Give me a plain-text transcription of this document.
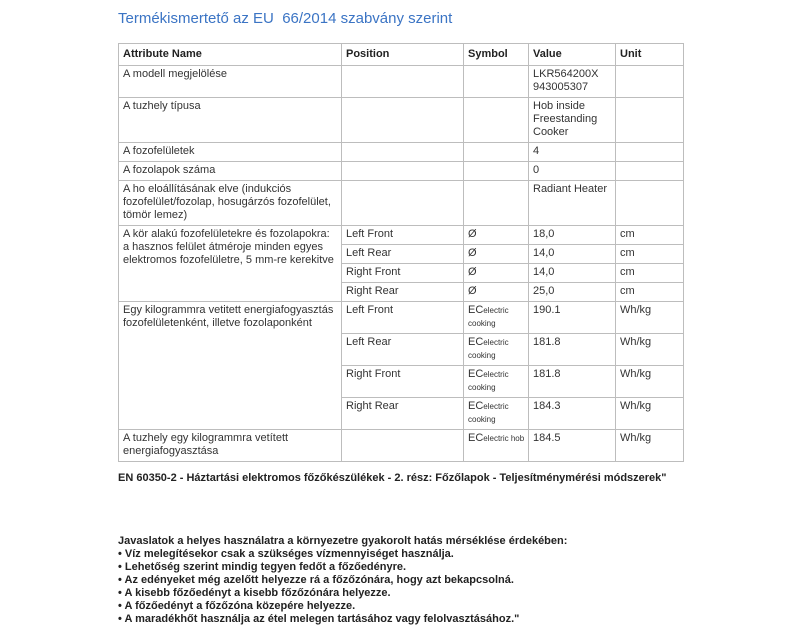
Termékismertető az EU  66/2014 szabvány szerint
Attribute Name	Position	Symbol	Value	Unit
A modell megjelölése			LKR564200X 943005307	
A tuzhely típusa			Hob inside Freestanding Cooker	
A fozofelületek			4	
A fozolapok száma			0	
A ho eloállításának elve (indukciós fozofelület/fozolap, hosugárzós fozofelület, tömör lemez)			Radiant Heater	
A kör alakú fozofelületekre és fozolapokra: a hasznos felület átméroje minden egyes elektromos fozofelületre, 5 mm-re kerekitve	Left Front	Ø	18,0	cm
	Left Rear	Ø	14,0	cm
	Right Front	Ø	14,0	cm
	Right Rear	Ø	25,0	cm
Egy kilogrammra vetitett energiafogyasztás fozofelületenként, illetve fozolaponként	Left Front	ECelectric cooking	190.1	Wh/kg
	Left Rear	ECelectric cooking	181.8	Wh/kg
	Right Front	ECelectric cooking	181.8	Wh/kg
	Right Rear	ECelectric cooking	184.3	Wh/kg
A tuzhely egy kilogrammra vetített energiafogyasztása		ECelectric hob	184.5	Wh/kg

EN 60350-2 - Háztartási elektromos főzőkészülékek - 2. rész: Főzőlapok - Teljesítménymérési módszerek"

Javaslatok a helyes használatra a környezetre gyakorolt hatás mérséklése érdekében:

• Víz melegítésekor csak a szükséges vízmennyiséget használja.

• Lehetőség szerint mindig tegyen fedőt a főzőedényre.

• Az edényeket még azelőtt helyezze rá a főzőzónára, hogy azt bekapcsolná.

• A kisebb főzőedényt a kisebb főzőzónára helyezze.

• A főzőedényt a főzőzóna közepére helyezze.

• A maradékhőt használja az étel melegen tartásához vagy felolvasztásához."
